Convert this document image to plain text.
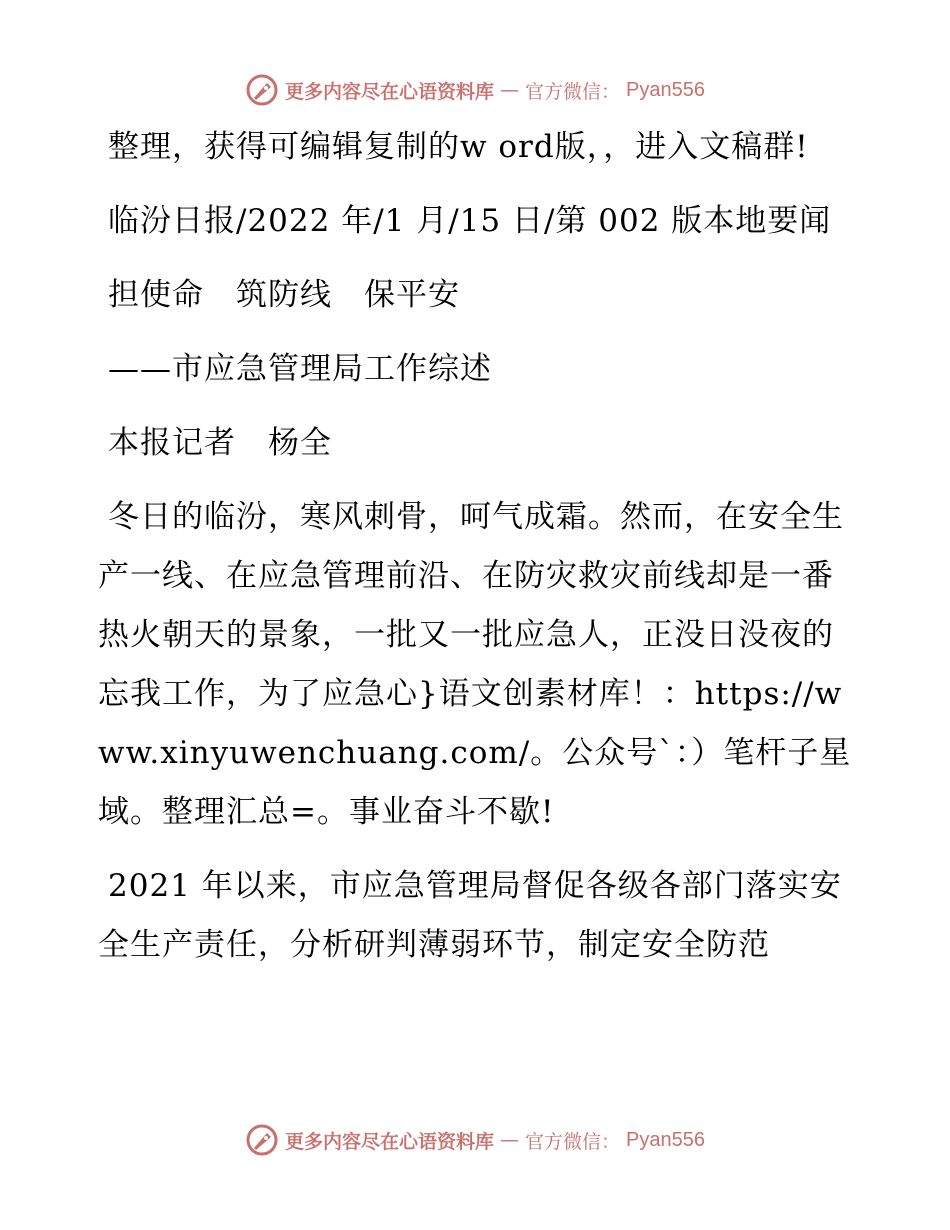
更多内容尽在心语资料库 — 官方微信： Pyan556

整理，获得可编辑复制的w ord版，，进入文稿群!

临汾日报/2022 年/1 月/15 日/第 002 版本地要闻

担使命　筑防线　保平安

——市应急管理局工作综述

本报记者　杨全

冬日的临汾，寒风刺骨，呵气成霜。然而，在安全生产一线、在应急管理前沿、在防灾救灾前线却是一番热火朝天的景象，一批又一批应急人，正没日没夜的忘我工作，为了应急心}语文创素材库！：https://www.xinyuwenchuang.com/。公众号`：）笔杆子星域。整理汇总=。事业奋斗不歇!

2021 年以来，市应急管理局督促各级各部门落实安全生产责任，分析研判薄弱环节，制定安全防范

更多内容尽在心语资料库 — 官方微信： Pyan556
